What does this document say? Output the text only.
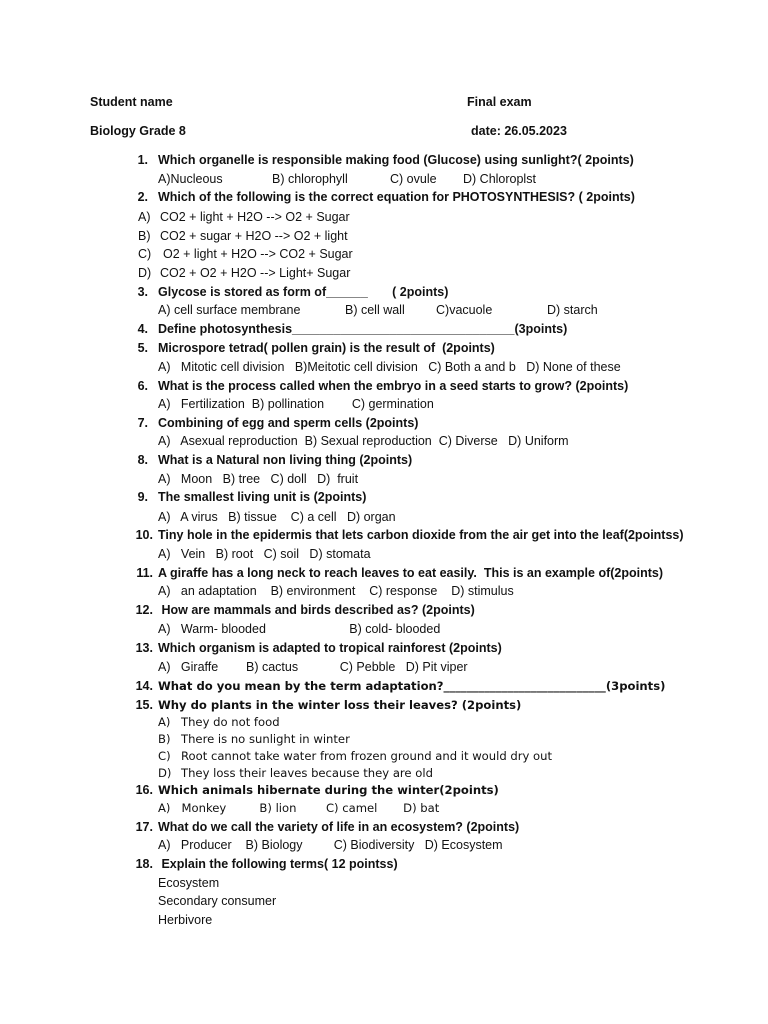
Student name	Final exam
Biology Grade 8	date: 26.05.2023
1. Which organelle is responsible making food (Glucose) using sunlight?( 2points)
A)Nucleous	B) chlorophyll	C) ovule D) Chloroplst
2. Which of the following is the correct equation for PHOTOSYNTHESIS? ( 2points)
A) CO2 + light + H2O --> O2 + Sugar
B) CO2 + sugar + H2O --> O2 + light
C) O2 + light + H2O --> CO2 + Sugar
D) CO2 + O2 + H2O --> Light+ Sugar
3. Glycose is stored as form of______       ( 2points)
A) cell surface membrane	B) cell wall	C)vacuole	D) starch
4. Define photosynthesis________________________________(3points)
5. Microspore tetrad( pollen grain) is the result of  (2points)
A)   Mitotic cell division   B)Meitotic cell division   C) Both a and b   D) None of these
6. What is the process called when the embryo in a seed starts to grow? (2points)
A)   Fertilization  B) pollination        C) germination
7. Combining of egg and sperm cells (2points)
A)   Asexual reproduction  B) Sexual reproduction  C) Diverse   D) Uniform
8. What is a Natural non living thing (2points)
A)   Moon   B) tree   C) doll   D)  fruit
9. The smallest living unit is (2points)
A)   A virus   B) tissue    C) a cell   D) organ
10. Tiny hole in the epidermis that lets carbon dioxide from the air get into the leaf(2pointss)
A)   Vein   B) root   C) soil   D) stomata
11. A giraffe has a long neck to reach leaves to eat easily.  This is an example of(2points)
A)   an adaptation    B) environment    C) response    D) stimulus
12. How are mammals and birds described as? (2points)
A)   Warm- blooded                        B) cold- blooded
13. Which organism is adapted to tropical rainforest (2points)
A)   Giraffe        B) cactus            C) Pebble   D) Pit viper
14. What do you mean by the term adaptation?____________________________(3points)
15. Why do plants in the winter loss their leaves? (2points)
A) They do not food
B) There is no sunlight in winter
C) Root cannot take water from frozen ground and it would dry out
D) They loss their leaves because they are old
16. Which animals hibernate during the winter(2points)
A)   Monkey         B) lion        C) camel       D) bat
17. What do we call the variety of life in an ecosystem? (2points)
A)   Producer    B) Biology         C) Biodiversity   D) Ecosystem
18. Explain the following terms( 12 pointss)
Ecosystem
Secondary consumer
Herbivore
